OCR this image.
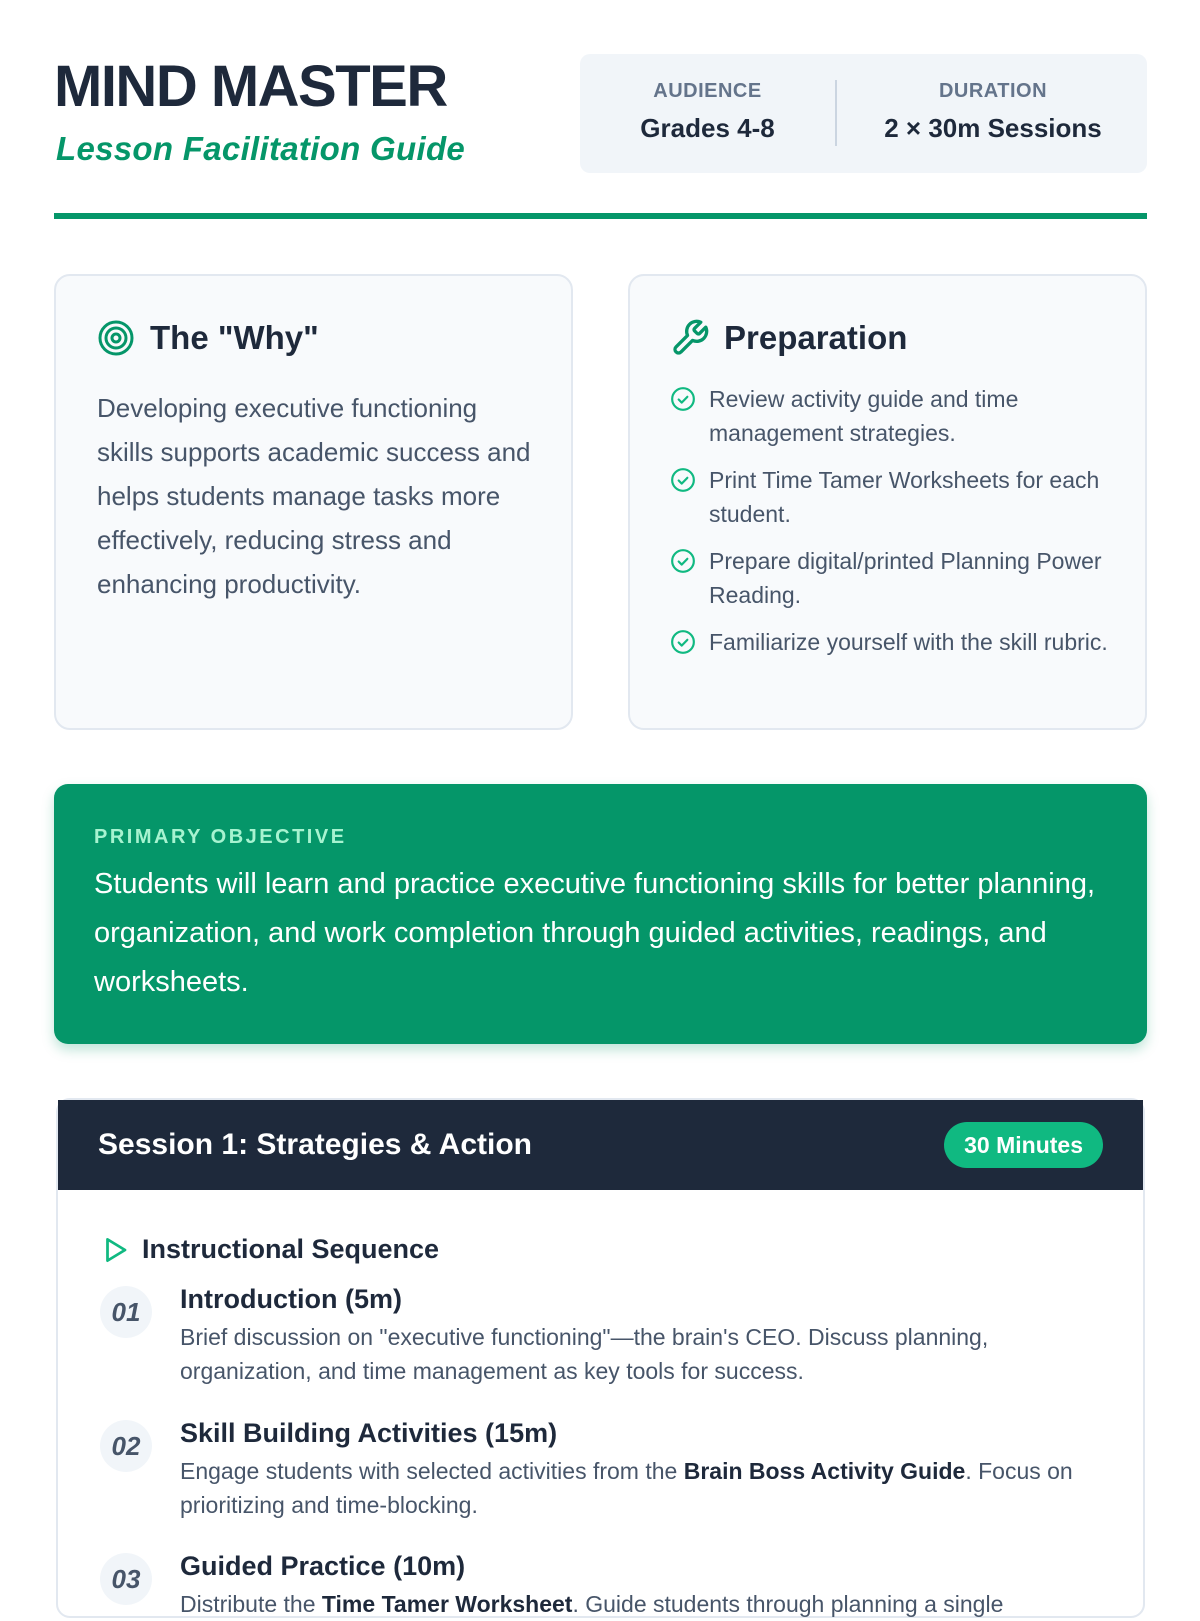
MIND MASTER
Lesson Facilitation Guide
AUDIENCE
Grades 4-8
DURATION
2 × 30m Sessions
The "Why"

Developing executive functioning skills supports academic success and helps students manage tasks more effectively, reducing stress and enhancing productivity.

Preparation
Review activity guide and time management strategies.
Print Time Tamer Worksheets for each student.
Prepare digital/printed Planning Power Reading.
Familiarize yourself with the skill rubric.
PRIMARY OBJECTIVE

Students will learn and practice executive functioning skills for better planning, organization, and work completion through guided activities, readings, and worksheets.

Session 1: Strategies & Action	30 Minutes
Instructional Sequence
01	Introduction (5m)

Brief discussion on "executive functioning"—the brain's CEO. Discuss planning, organization, and time management as key tools for success.

02	Skill Building Activities (15m)

Engage students with selected activities from the Brain Boss Activity Guide. Focus on prioritizing and time-blocking.

03	Guided Practice (10m)

Distribute the Time Tamer Worksheet. Guide students through planning a single
